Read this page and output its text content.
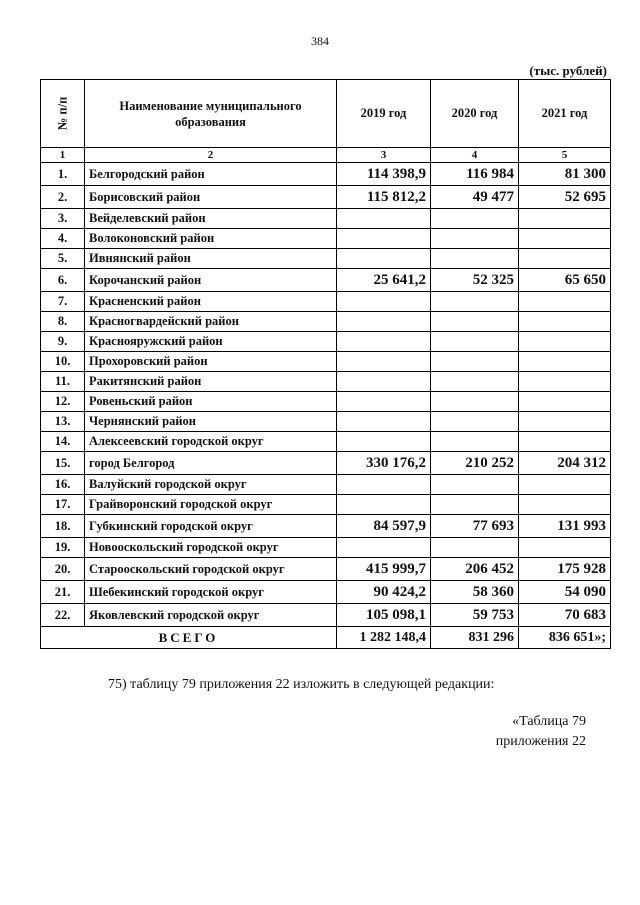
384
(тыс. рублей)
№ п/п	Наименование муниципального образования	2019 год	2020 год	2021 год
1	2	3	4	5
1.	Белгородский район	114 398,9	116 984	81 300
2.	Борисовский район	115 812,2	49 477	52 695
3.	Вейделевский район			
4.	Волоконовский район			
5.	Ивнянский район			
6.	Корочанский район	25 641,2	52 325	65 650
7.	Красненский район			
8.	Красногвардейский район			
9.	Краснояружский район			
10.	Прохоровский район			
11.	Ракитянский район			
12.	Ровеньский район			
13.	Чернянский район			
14.	Алексеевский городской округ			
15.	город Белгород	330 176,2	210 252	204 312
16.	Валуйский городской округ			
17.	Грайворонский городской округ			
18.	Губкинский городской округ	84 597,9	77 693	131 993
19.	Новооскольский городской округ			
20.	Старооскольский городской округ	415 999,7	206 452	175 928
21.	Шебекинский городской округ	90 424,2	58 360	54 090
22.	Яковлевский городской округ	105 098,1	59 753	70 683
ВСЕГО		1 282 148,4	831 296	836 651»;
75) таблицу 79 приложения 22 изложить в следующей редакции:
«Таблица 79
приложения 22
